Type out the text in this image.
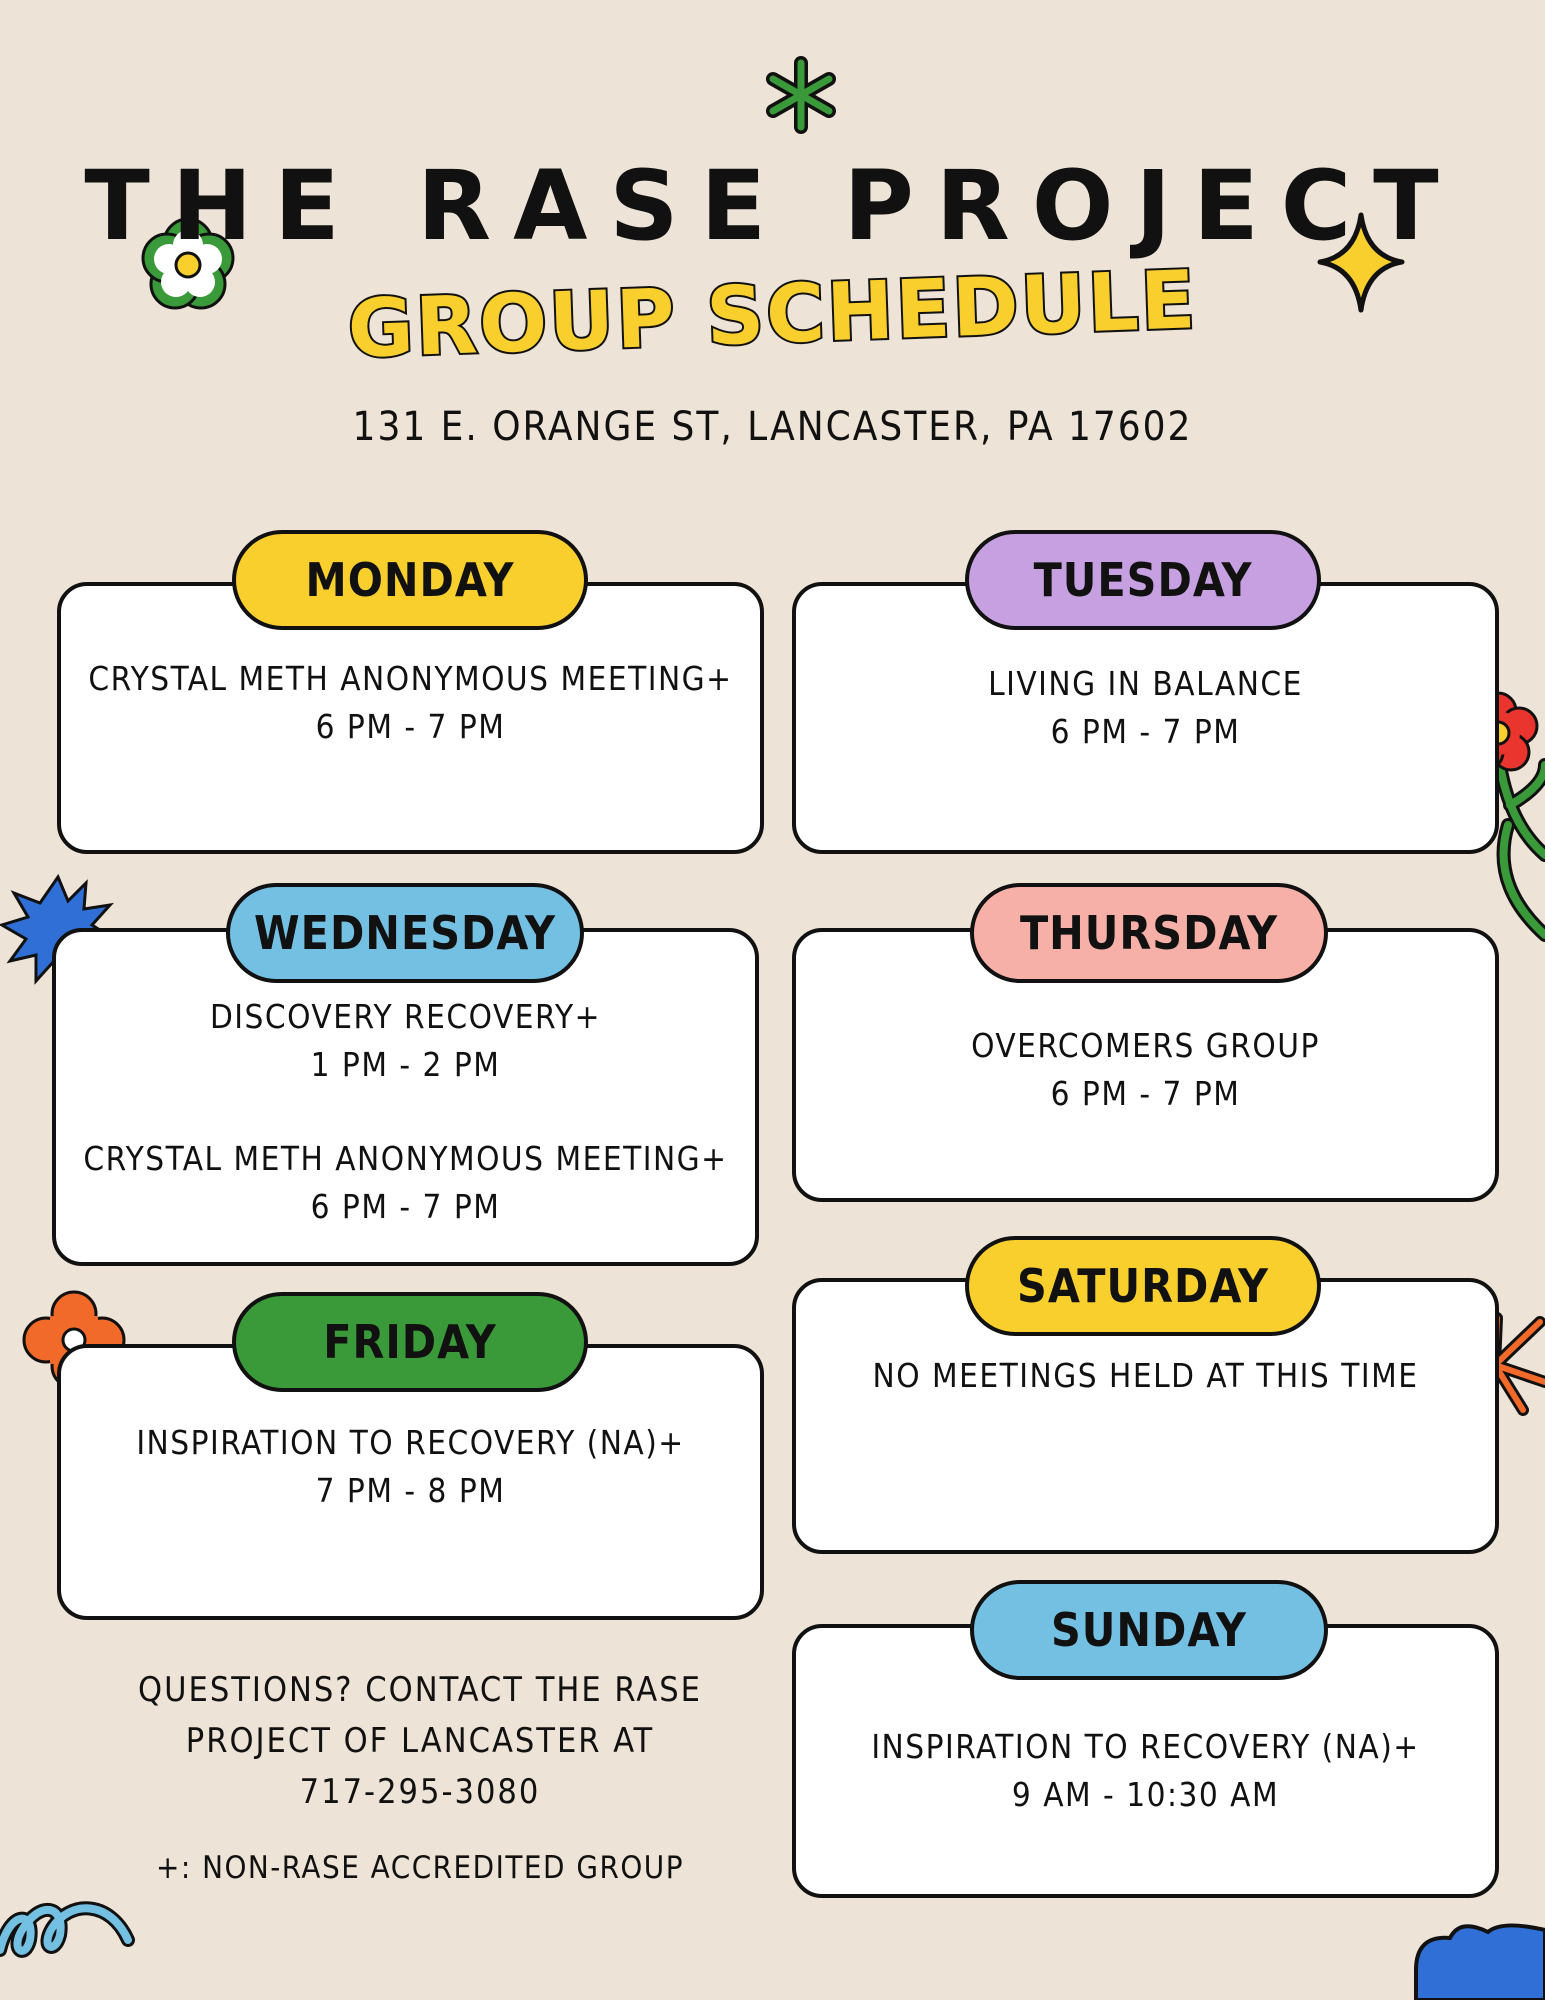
THE RASE PROJECT
GROUP SCHEDULE
131 E. ORANGE ST, LANCASTER, PA 17602
CRYSTAL METH ANONYMOUS MEETING+
6 PM - 7 PM
MONDAY
LIVING IN BALANCE
6 PM - 7 PM
TUESDAY
DISCOVERY RECOVERY+
1 PM - 2 PM
CRYSTAL METH ANONYMOUS MEETING+
6 PM - 7 PM
WEDNESDAY
OVERCOMERS GROUP
6 PM - 7 PM
THURSDAY
INSPIRATION TO RECOVERY (NA)+
7 PM - 8 PM
FRIDAY
NO MEETINGS HELD AT THIS TIME
SATURDAY
INSPIRATION TO RECOVERY (NA)+
9 AM - 10:30 AM
SUNDAY
QUESTIONS? CONTACT THE RASE
PROJECT OF LANCASTER AT
717-295-3080
+: NON-RASE ACCREDITED GROUP
